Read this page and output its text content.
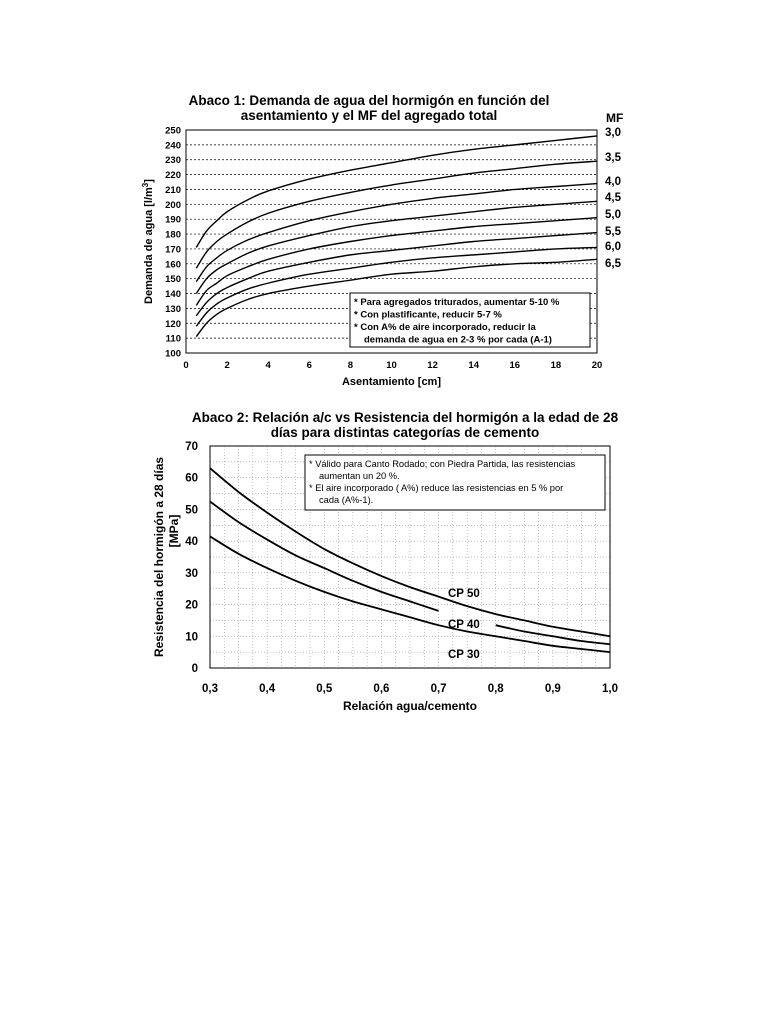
Abaco 1: Demanda de agua del hormigón en función del
asentamiento y el MF del agregado total
100
110
120
130
140
150
160
170
180
190
200
210
220
230
240
250
0	2	4	6	8	10	12	14	16	18	20
Asentamiento [cm]
Demanda de agua $[l/m^3]$
* Para agregados triturados, aumentar 5-10 %
* Con plastificante, reducir 5-7 %
* Con A% de aire incorporado, reducir la
demanda de agua en 2-3 % por cada (A-1)
MF
3,0
3,5
4,0
4,5
5,0
5,5
6,0
6,5
Abaco 2: Relación a/c vs Resistencia del hormigón a la edad de 28
días para distintas categorías de cemento
0
10
20
30
40
50
60
70
0,3	0,4	0,5	0,6	0,7	0,8	0,9	1,0
Relación agua/cemento
Resistencia del hormigón a 28 días [MPa]
* Válido para Canto Rodado; con Piedra Partida, las resistencias
aumentan un 20 %.
* El aire incorporado ( A%) reduce las resistencias en 5 % por
cada (A%-1).
CP 50
CP 40
CP 30
